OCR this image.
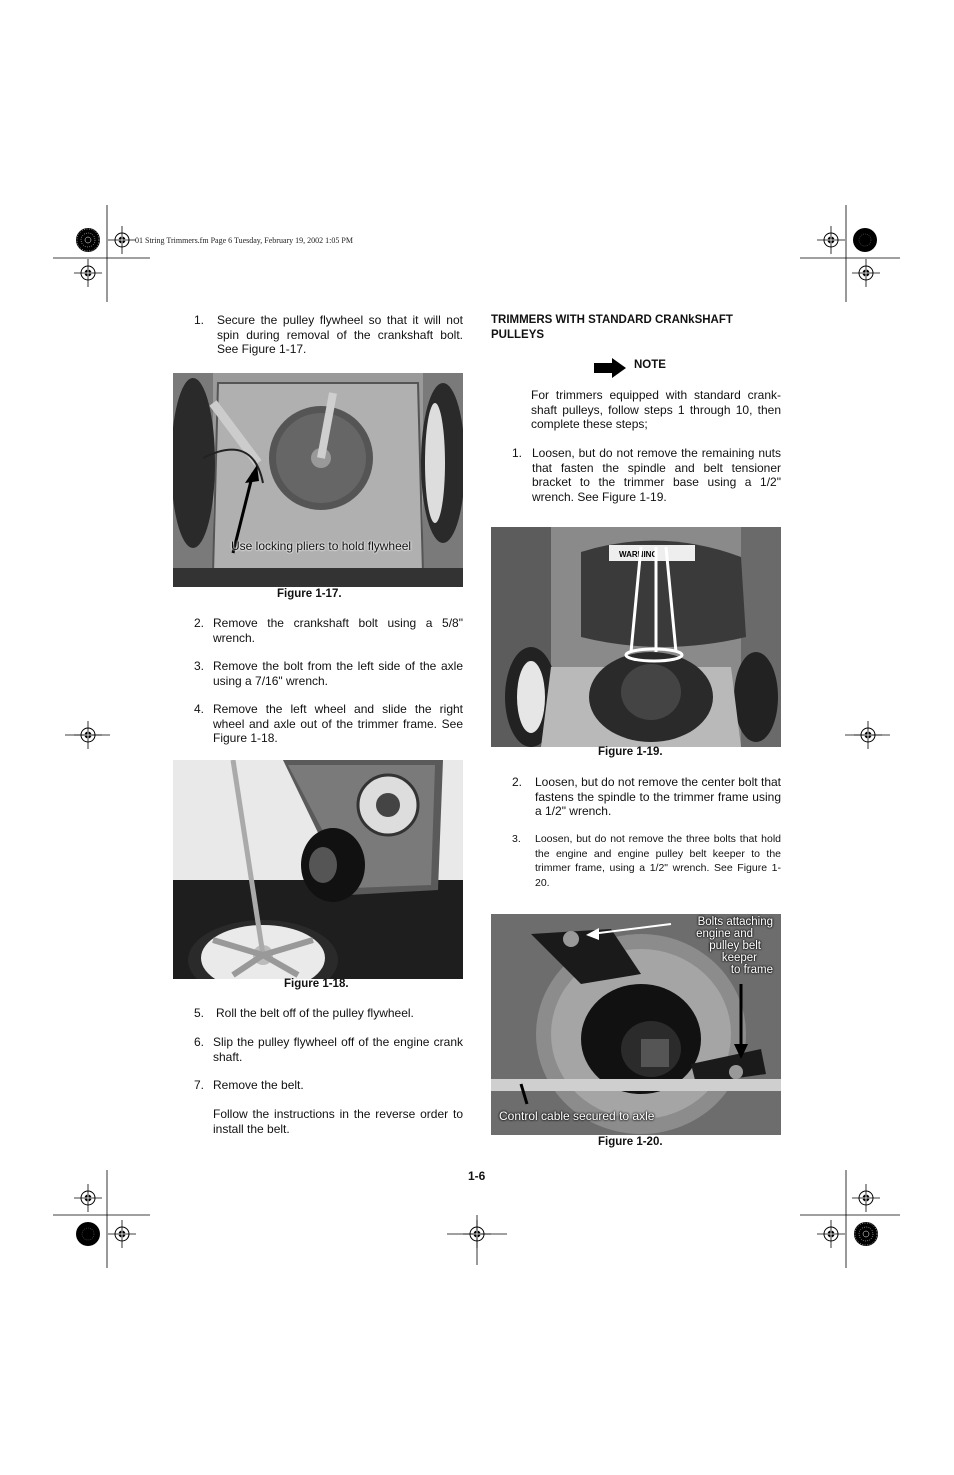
01 String Trimmers.fm Page 6 Tuesday, February 19, 2002 1:05 PM
1. Secure the pulley flywheel so that it will not spin during removal of the crankshaft bolt. See Figure 1-17.
Use locking pliers to hold flywheel
Figure 1-17.
2. Remove the crankshaft bolt using a 5/8" wrench.
3. Remove the bolt from the left side of the axle using a 7/16" wrench.
4. Remove the left wheel and slide the right wheel and axle out of the trimmer frame. See Figure 1-18.
Figure 1-18.
5. Roll the belt off of the pulley flywheel.
6. Slip the pulley flywheel off of the engine crank shaft.
7. Remove the belt.
Follow the instructions in the reverse order to install the belt.
TRIMMERS WITH STANDARD CRANkSHAFT PULLEYS
NOTE
For trimmers equipped with standard crank-shaft pulleys, follow steps 1 through 10, then complete these steps;
1. Loosen, but do not remove the remaining nuts that fasten the spindle and belt tensioner bracket to the trimmer base using a 1/2" wrench. See Figure 1-19.
WARNING
Figure 1-19.
2. Loosen, but do not remove the center bolt that fastens the spindle to the trimmer frame using a 1/2" wrench.
3. Loosen, but do not remove the three bolts that hold the engine and engine pulley belt keeper to the trimmer frame, using a 1/2" wrench. See Figure 1-20.
Bolts attaching
engine and
pulley belt
keeper
to frame
Control cable secured to axle
Figure 1-20.
1-6
